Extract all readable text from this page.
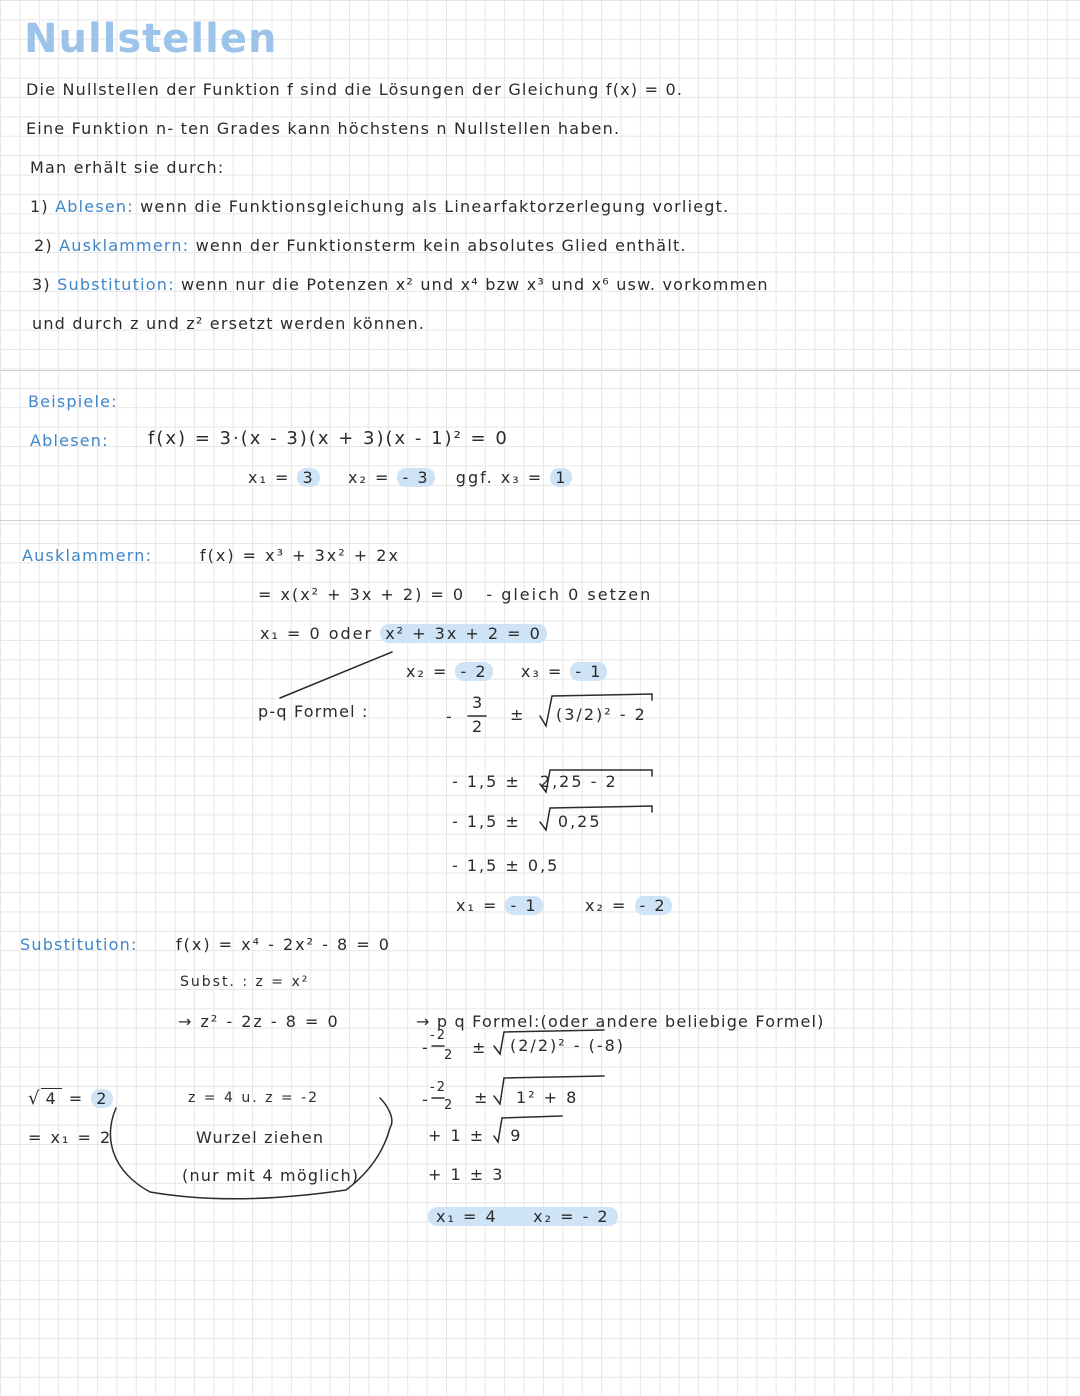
Nullstellen
Die Nullstellen der Funktion f sind die Lösungen der Gleichung f(x) = 0.
Eine Funktion n- ten Grades kann höchstens n Nullstellen haben.
Man erhält sie durch:
1) Ablesen: wenn die Funktionsgleichung als Linearfaktorzerlegung vorliegt.
2) Ausklammern: wenn der Funktionsterm kein absolutes Glied enthält.
3) Substitution: wenn nur die Potenzen x² und x⁴ bzw x³ und x⁶ usw. vorkommen
und durch z und z² ersetzt werden können.
Beispiele:
Ablesen: f(x) = 3·(x - 3)(x + 3)(x - 1)² = 0
x₁ = 3 x₂ = - 3 ggf. x₃ = 1
Ausklammern:	f(x) = x³ + 3x² + 2x
= x(x² + 3x + 2) = 0 - gleich 0 setzen
x₁ = 0 oder x² + 3x + 2 = 0
x₂ = - 2 x₃ = - 1
p-q Formel :	-
3
2
± (3/2)² - 2
- 1,5 ± 2,25 - 2
- 1,5 ± 0,25
- 1,5 ± 0,5
x₁ = - 1	x₂ = - 2
Substitution: f(x) = x⁴ - 2x² - 8 = 0
Subst. : z = x²
→ z² - 2z - 8 = 0	→ p q Formel:(oder andere beliebige Formel)
-
-2
2 ± (2/2)² - (-8)
-
-2
2 ± 1² + 8
+ 1 ± 9
+ 1 ± 3
x₁ = 4 x₂ = - 2
z = 4 u. z = -2
Wurzel ziehen
(nur mit 4 möglich)
√ 4 = 2
= x₁ = 2
